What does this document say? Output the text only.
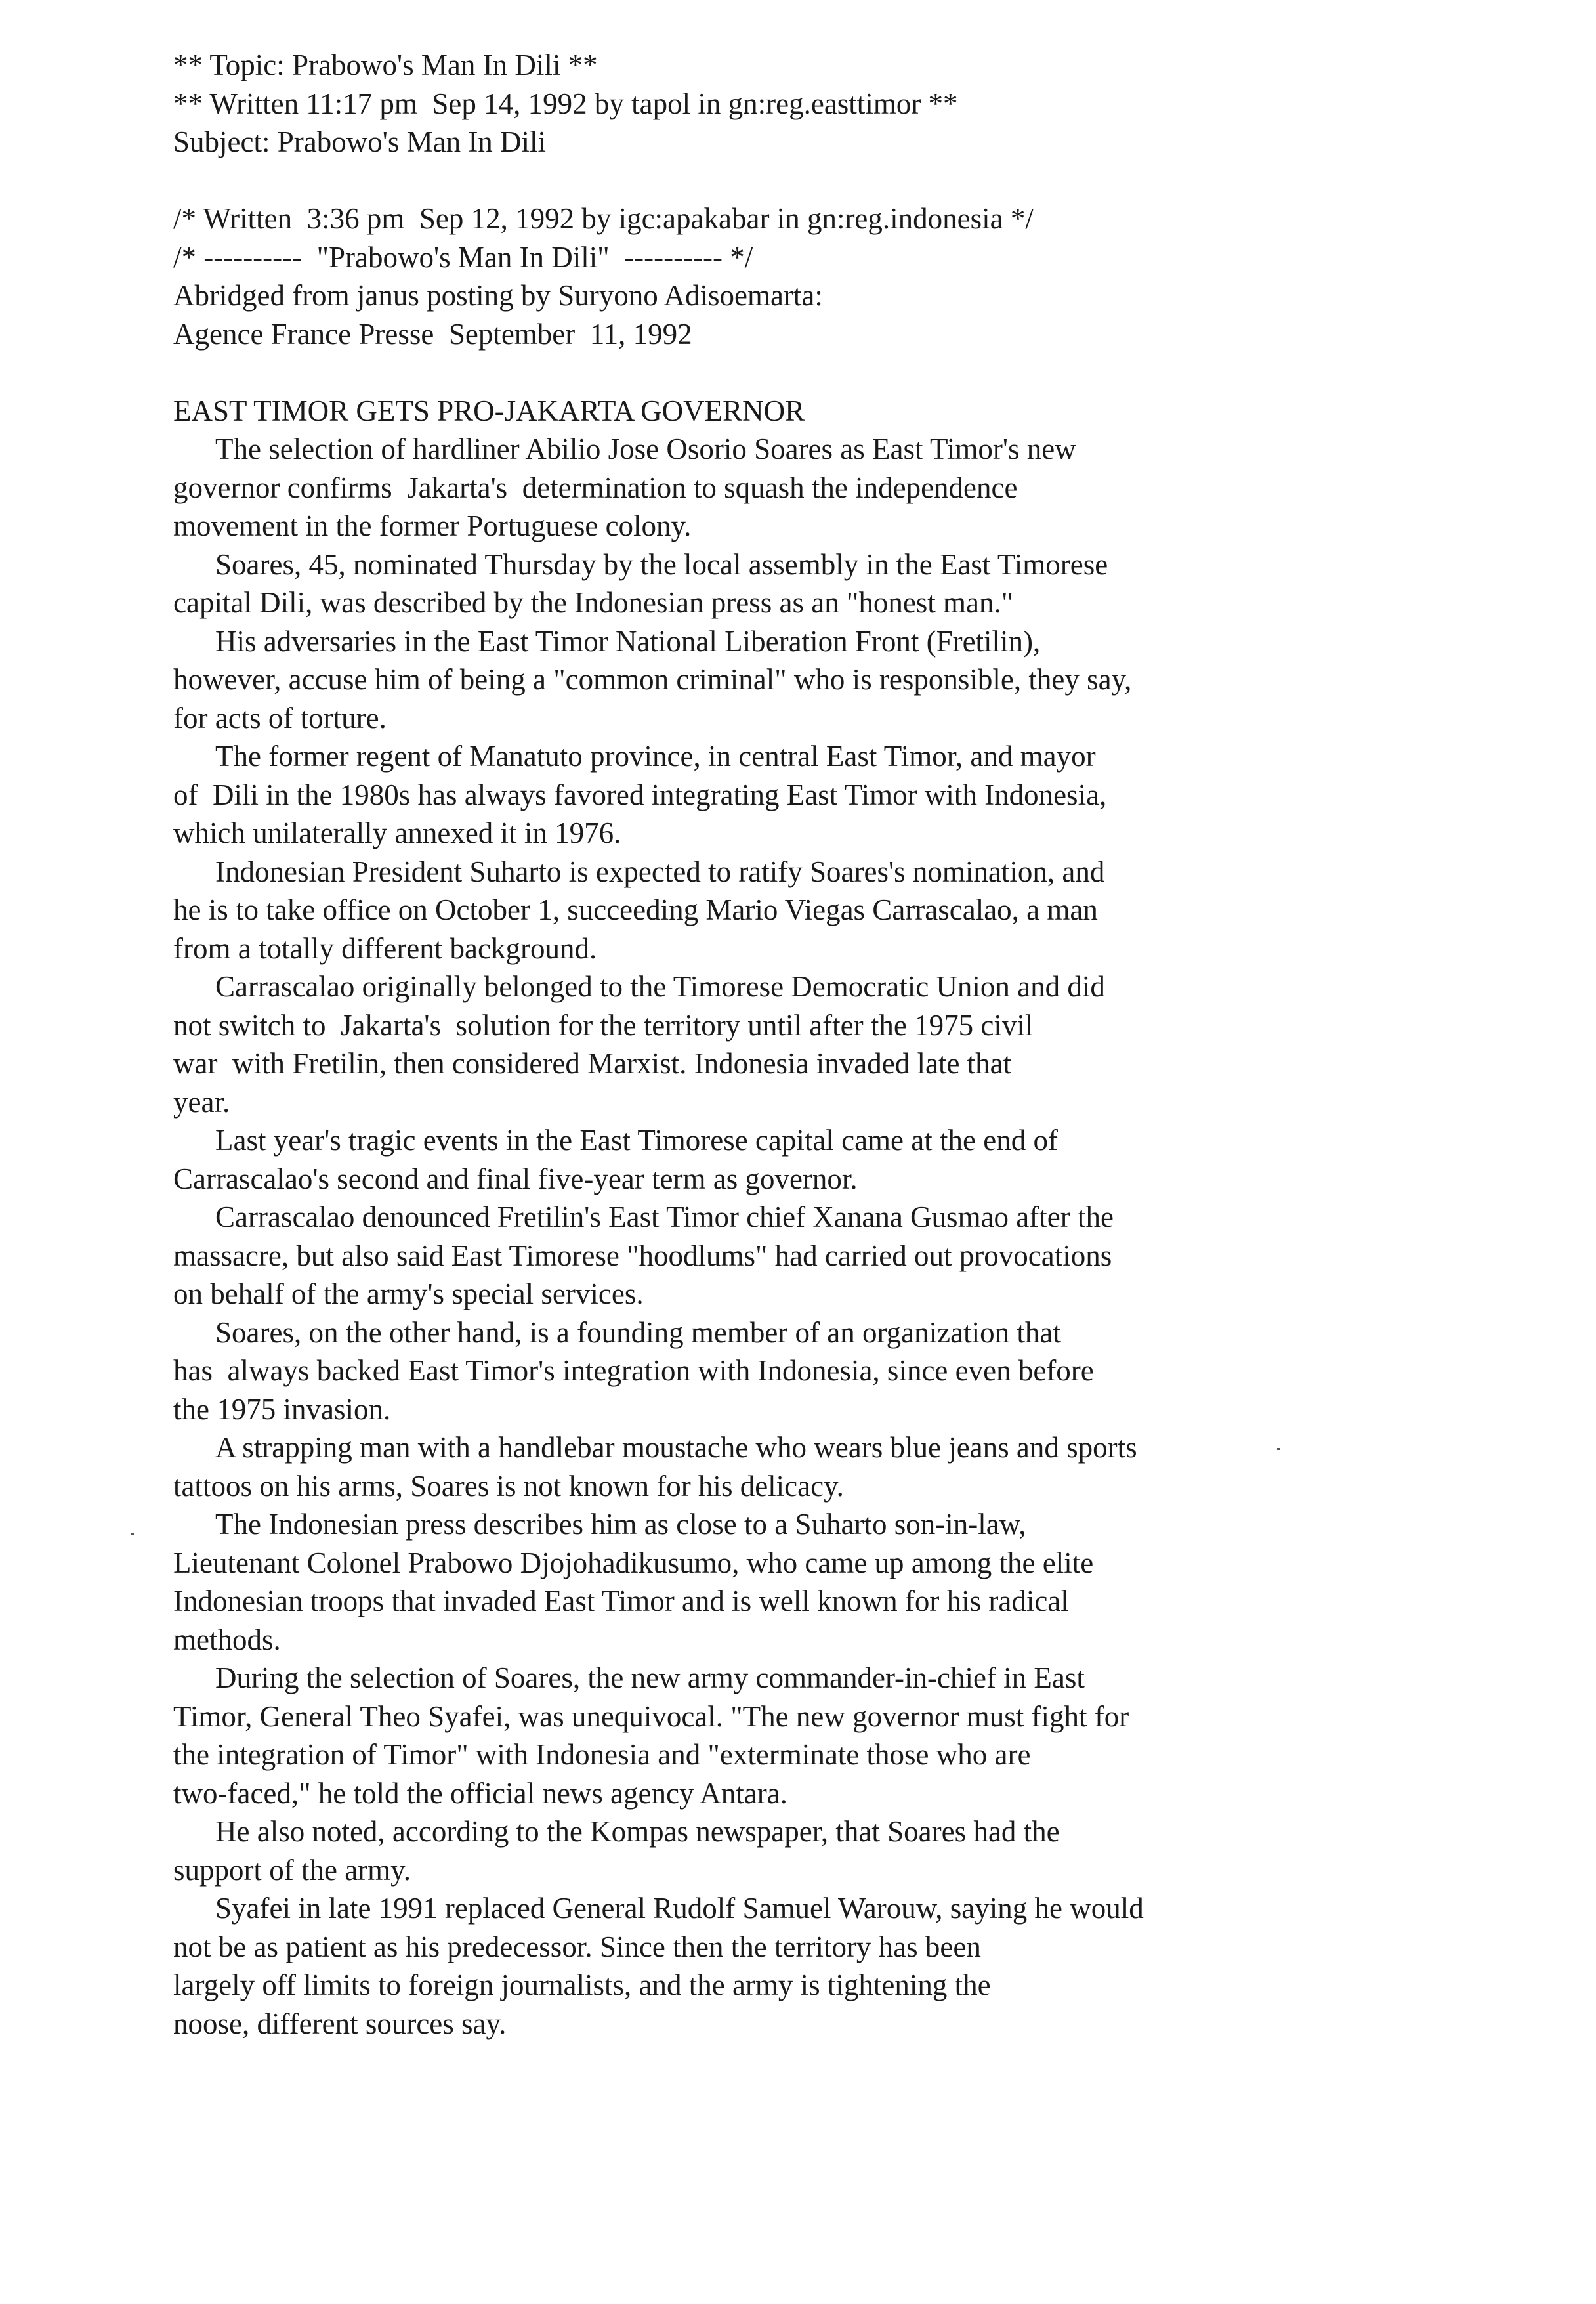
** Topic: Prabowo's Man In Dili **
** Written 11:17 pm  Sep 14, 1992 by tapol in gn:reg.easttimor **
Subject: Prabowo's Man In Dili
/* Written  3:36 pm  Sep 12, 1992 by igc:apakabar in gn:reg.indonesia */
/* ----------  "Prabowo's Man In Dili"  ---------- */
Abridged from janus posting by Suryono Adisoemarta:
Agence France Presse  September  11, 1992
EAST TIMOR GETS PRO-JAKARTA GOVERNOR
The selection of hardliner Abilio Jose Osorio Soares as East Timor's new
governor confirms  Jakarta's  determination to squash the independence
movement in the former Portuguese colony.
Soares, 45, nominated Thursday by the local assembly in the East Timorese
capital Dili, was described by the Indonesian press as an "honest man."
His adversaries in the East Timor National Liberation Front (Fretilin),
however, accuse him of being a "common criminal" who is responsible, they say,
for acts of torture.
The former regent of Manatuto province, in central East Timor, and mayor
of  Dili in the 1980s has always favored integrating East Timor with Indonesia,
which unilaterally annexed it in 1976.
Indonesian President Suharto is expected to ratify Soares's nomination, and
he is to take office on October 1, succeeding Mario Viegas Carrascalao, a man
from a totally different background.
Carrascalao originally belonged to the Timorese Democratic Union and did
not switch to  Jakarta's  solution for the territory until after the 1975 civil
war  with Fretilin, then considered Marxist. Indonesia invaded late that
year.
Last year's tragic events in the East Timorese capital came at the end of
Carrascalao's second and final five-year term as governor.
Carrascalao denounced Fretilin's East Timor chief Xanana Gusmao after the
massacre, but also said East Timorese "hoodlums" had carried out provocations
on behalf of the army's special services.
Soares, on the other hand, is a founding member of an organization that
has  always backed East Timor's integration with Indonesia, since even before
the 1975 invasion.
A strapping man with a handlebar moustache who wears blue jeans and sports
tattoos on his arms, Soares is not known for his delicacy.
The Indonesian press describes him as close to a Suharto son-in-law,
Lieutenant Colonel Prabowo Djojohadikusumo, who came up among the elite
Indonesian troops that invaded East Timor and is well known for his radical
methods.
During the selection of Soares, the new army commander-in-chief in East
Timor, General Theo Syafei, was unequivocal. "The new governor must fight for
the integration of Timor" with Indonesia and "exterminate those who are
two-faced," he told the official news agency Antara.
He also noted, according to the Kompas newspaper, that Soares had the
support of the army.
Syafei in late 1991 replaced General Rudolf Samuel Warouw, saying he would
not be as patient as his predecessor. Since then the territory has been
largely off limits to foreign journalists, and the army is tightening the
noose, different sources say.
